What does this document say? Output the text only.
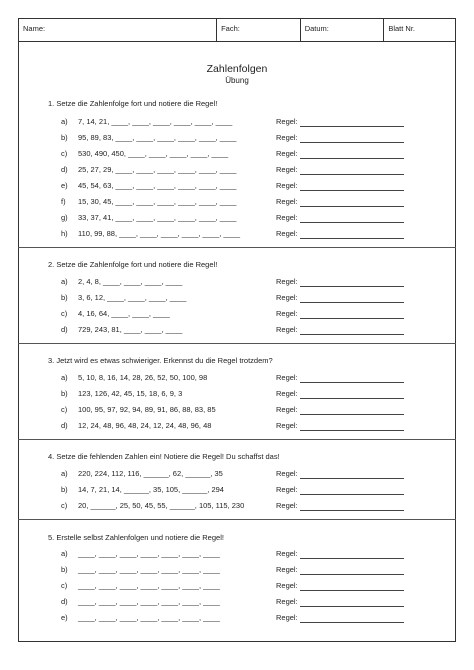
Name:	Fach:	Datum:	Blatt Nr.
Zahlenfolgen
Übung
1. Setze die Zahlenfolge fort und notiere die Regel!
a) 7, 14, 21, ____, ____, ____, ____, ____, ____	Regel:
b) 95, 89, 83, ____, ____, ____, ____, ____, ____	Regel:
c) 530, 490, 450, ____, ____, ____, ____, ____	Regel:
d) 25, 27, 29, ____, ____, ____, ____, ____, ____	Regel:
e) 45, 54, 63, ____, ____, ____, ____, ____, ____	Regel:
f) 15, 30, 45, ____, ____, ____, ____, ____, ____	Regel:
g) 33, 37, 41, ____, ____, ____, ____, ____, ____	Regel:
h) 110, 99, 88, ____, ____, ____, ____, ____, ____	Regel:
2. Setze die Zahlenfolge fort und notiere die Regel!
a) 2, 4, 8, ____, ____, ____, ____	Regel:
b) 3, 6, 12, ____, ____, ____, ____	Regel:
c) 4, 16, 64, ____, ____, ____	Regel:
d) 729, 243, 81, ____, ____, ____	Regel:
3. Jetzt wird es etwas schwieriger. Erkennst du die Regel trotzdem?
a) 5, 10, 8, 16, 14, 28, 26, 52, 50, 100, 98	Regel:
b) 123, 126, 42, 45, 15, 18, 6, 9, 3	Regel:
c) 100, 95, 97, 92, 94, 89, 91, 86, 88, 83, 85	Regel:
d) 12, 24, 48, 96, 48, 24, 12, 24, 48, 96, 48	Regel:
4. Setze die fehlenden Zahlen ein! Notiere die Regel! Du schaffst das!
a) 220, 224, 112, 116, ______, 62, ______, 35	Regel:
b) 14, 7, 21, 14, ______, 35, 105, ______, 294	Regel:
c) 20, ______, 25, 50, 45, 55, ______, 105, 115, 230	Regel:
5. Erstelle selbst Zahlenfolgen und notiere die Regel!
a) ____, ____, ____, ____, ____, ____, ____	Regel:
b) ____, ____, ____, ____, ____, ____, ____	Regel:
c) ____, ____, ____, ____, ____, ____, ____	Regel:
d) ____, ____, ____, ____, ____, ____, ____	Regel:
e) ____, ____, ____, ____, ____, ____, ____	Regel:
